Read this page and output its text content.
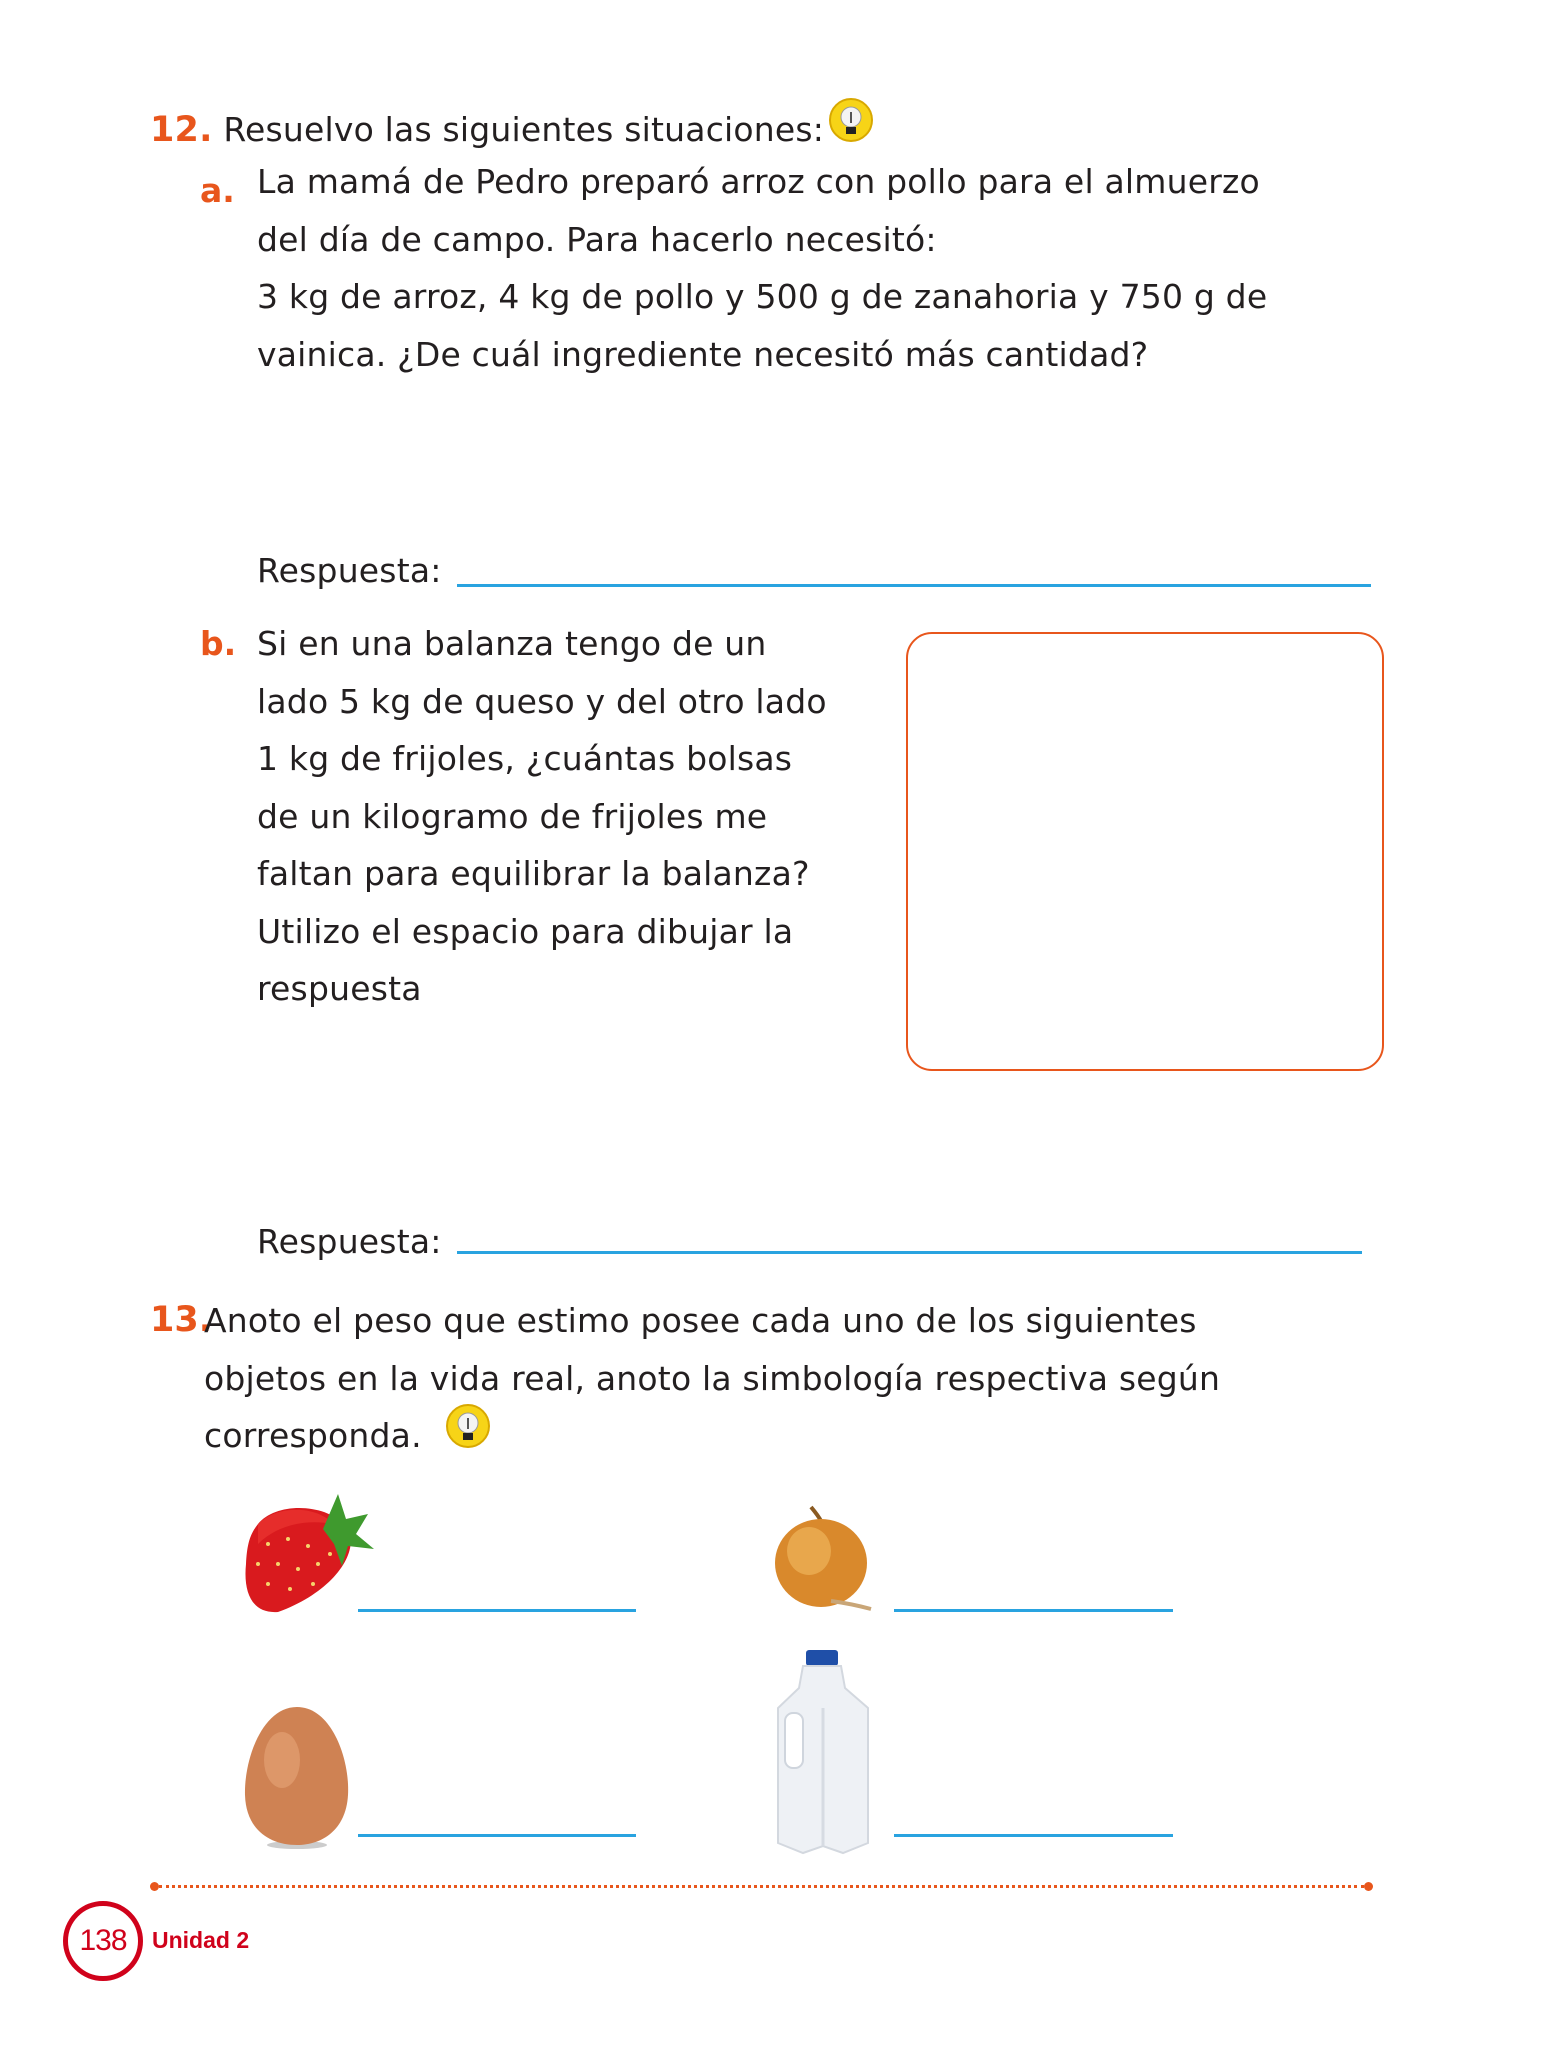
12. Resuelvo las siguientes situaciones:
a. La mamá de Pedro preparó arroz con pollo para el almuerzo
del día de campo. Para hacerlo necesitó:
3 kg de arroz, 4 kg de pollo y 500 g de zanahoria y 750 g de
vainica. ¿De cuál ingrediente necesitó más cantidad?
Respuesta:
b. Si en una balanza tengo de un
lado 5 kg de queso y del otro lado
1 kg de frijoles, ¿cuántas bolsas
de un kilogramo de frijoles me
faltan para equilibrar la balanza?
Utilizo el espacio para dibujar la
respuesta
Respuesta:
13.
Anoto el peso que estimo posee cada uno de los siguientes
objetos en la vida real, anoto la simbología respectiva según
corresponda.
138	Unidad 2
